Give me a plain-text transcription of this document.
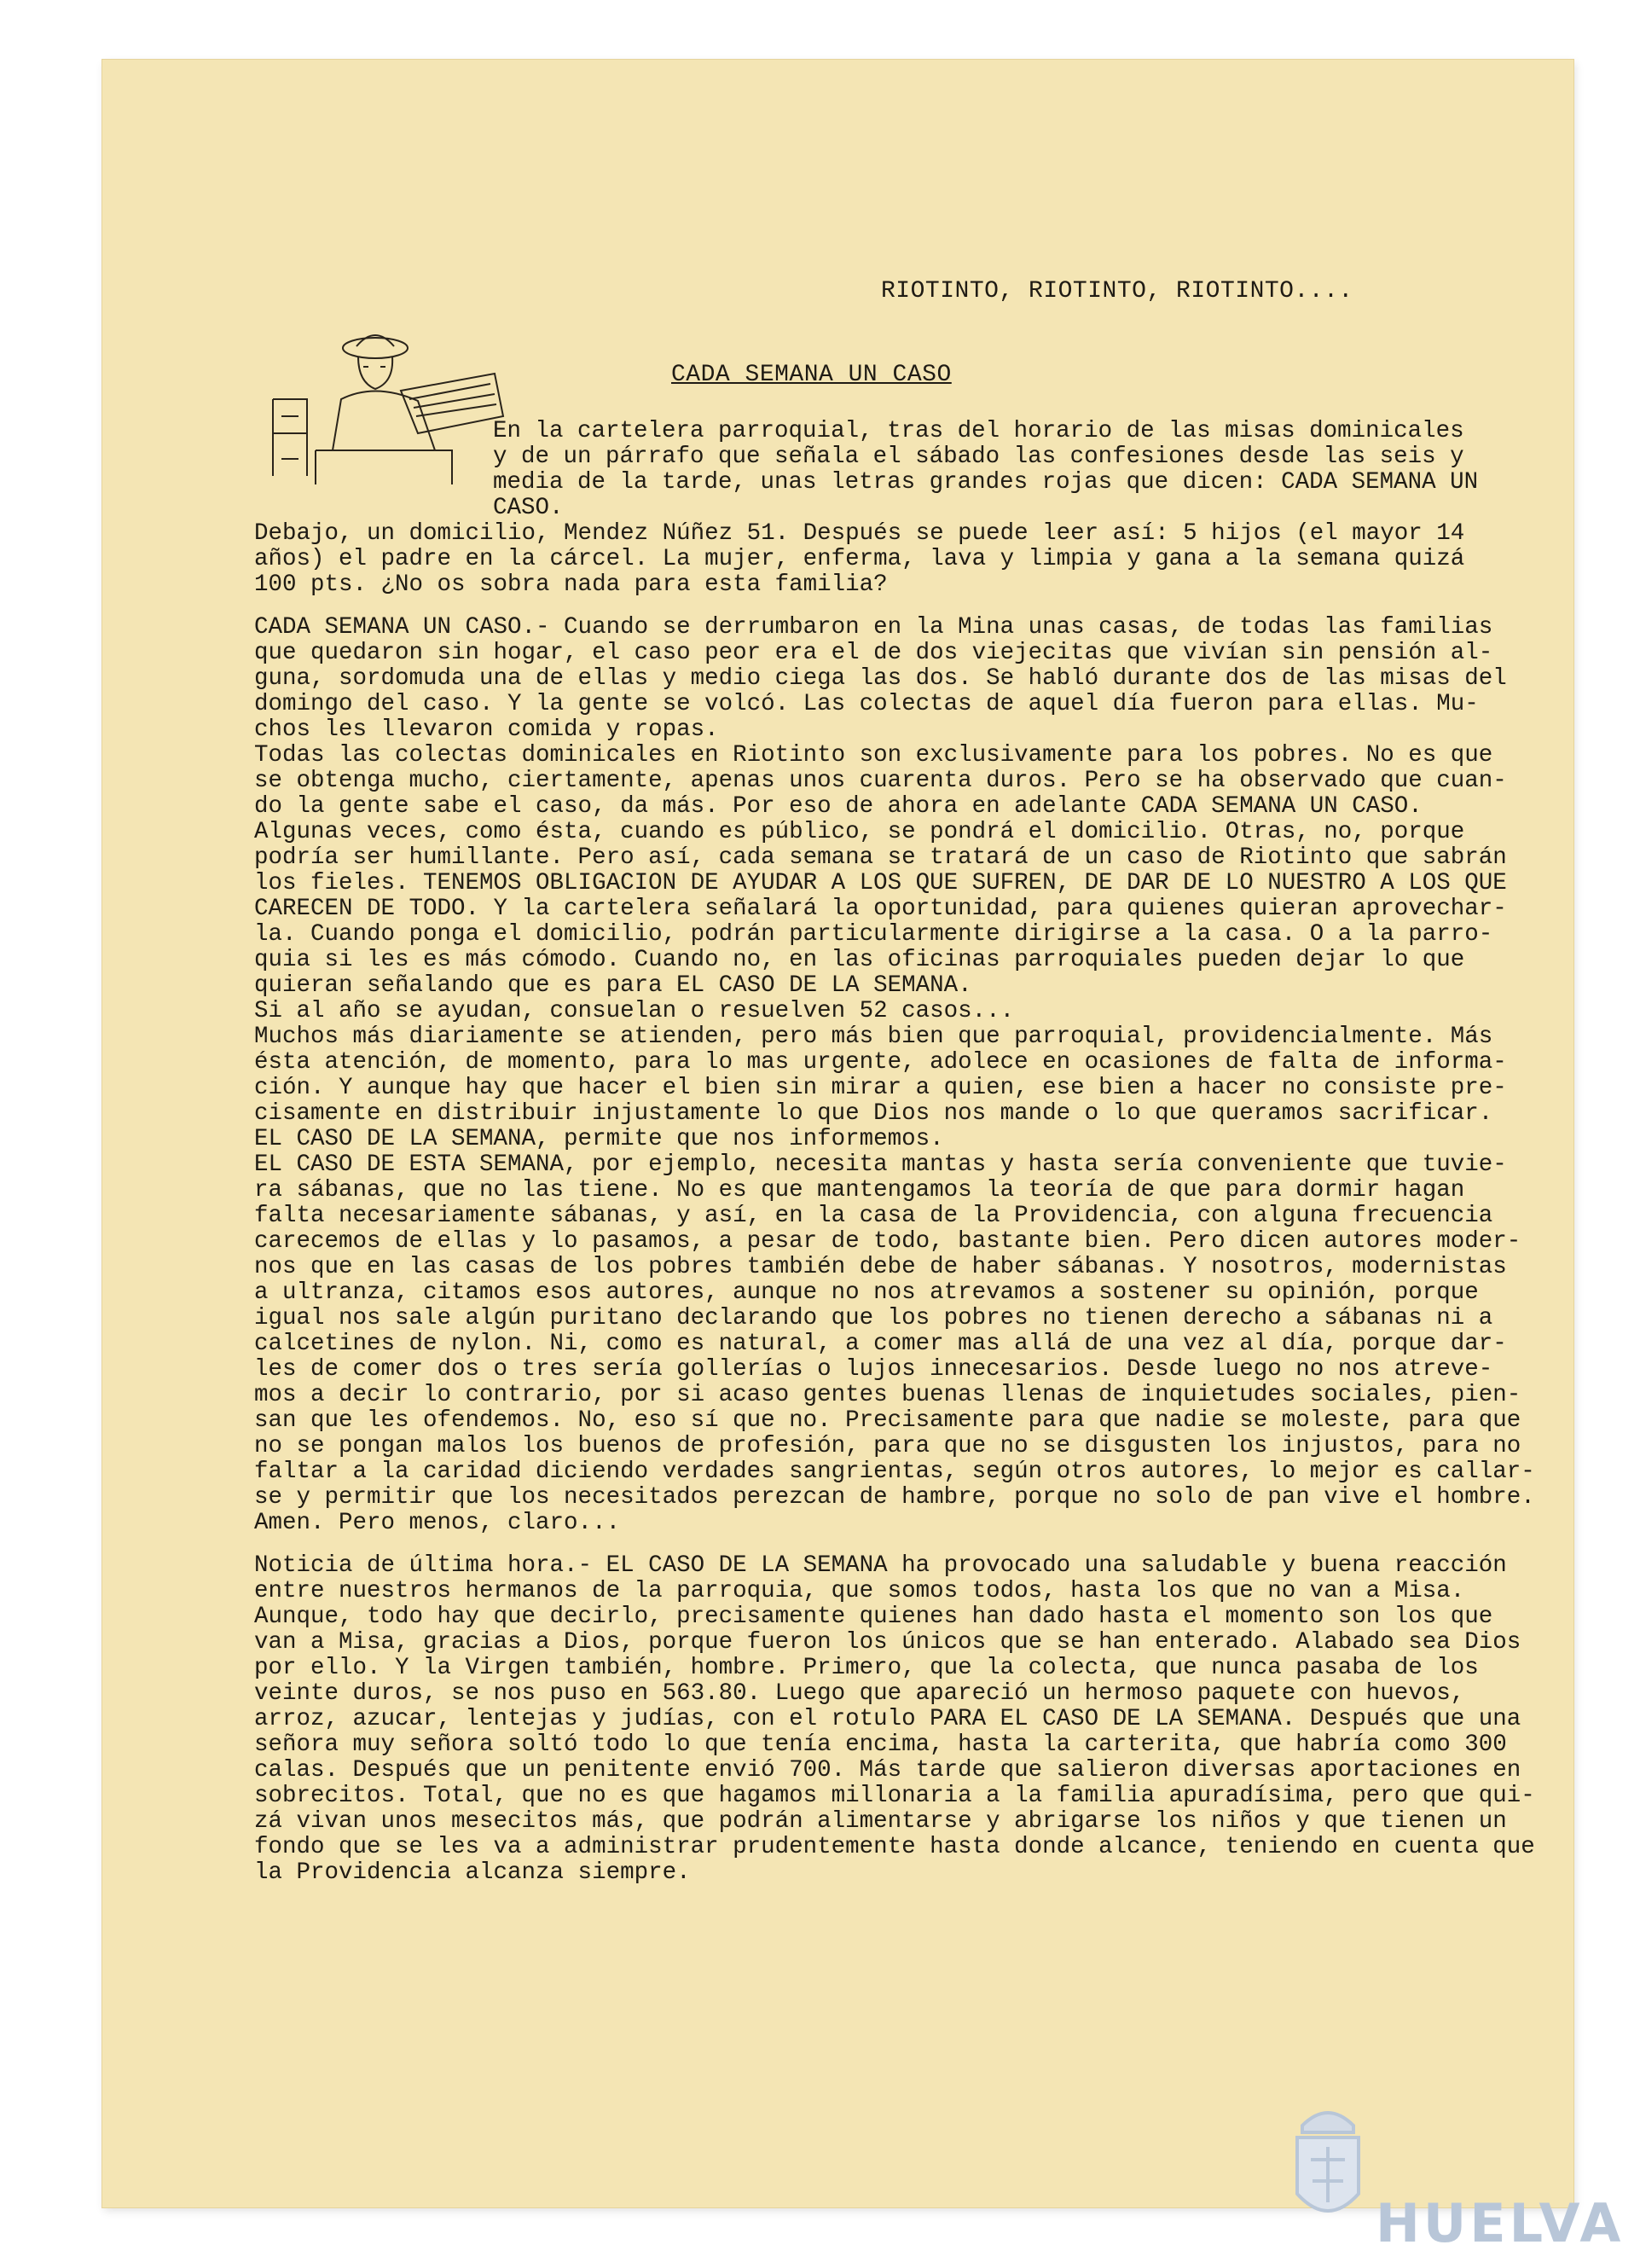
RIOTINTO, RIOTINTO, RIOTINTO....
CADA SEMANA UN CASO
En la cartelera parroquial, tras del horario de las misas dominicales
y de un párrafo que señala el sábado las confesiones desde las seis y
media de la tarde, unas letras grandes rojas que dicen: CADA SEMANA UN
CASO.
Debajo, un domicilio, Mendez Núñez 51. Después se puede leer así: 5 hijos (el mayor 14
años) el padre en la cárcel. La mujer, enferma, lava y limpia y gana a la semana quizá
100 pts. ¿No os sobra nada para esta familia?
CADA SEMANA UN CASO.- Cuando se derrumbaron en la Mina unas casas, de todas las familias
que quedaron sin hogar, el caso peor era el de dos viejecitas que vivían sin pensión al-
guna, sordomuda una de ellas y medio ciega las dos. Se habló durante dos de las misas del
domingo del caso. Y la gente se volcó. Las colectas de aquel día fueron para ellas. Mu-
chos les llevaron comida y ropas.
Todas las colectas dominicales en Riotinto son exclusivamente para los pobres. No es que
se obtenga mucho, ciertamente, apenas unos cuarenta duros. Pero se ha observado que cuan-
do la gente sabe el caso, da más. Por eso de ahora en adelante CADA SEMANA UN CASO.
Algunas veces, como ésta, cuando es público, se pondrá el domicilio. Otras, no, porque
podría ser humillante. Pero así, cada semana se tratará de un caso de Riotinto que sabrán
los fieles. TENEMOS OBLIGACION DE AYUDAR A LOS QUE SUFREN, DE DAR DE LO NUESTRO A LOS QUE
CARECEN DE TODO. Y la cartelera señalará la oportunidad, para quienes quieran aprovechar-
la. Cuando ponga el domicilio, podrán particularmente dirigirse a la casa. O a la parro-
quia si les es más cómodo. Cuando no, en las oficinas parroquiales pueden dejar lo que
quieran señalando que es para EL CASO DE LA SEMANA.
Si al año se ayudan, consuelan o resuelven 52 casos...
Muchos más diariamente se atienden, pero más bien que parroquial, providencialmente. Más
ésta atención, de momento, para lo mas urgente, adolece en ocasiones de falta de informa-
ción. Y aunque hay que hacer el bien sin mirar a quien, ese bien a hacer no consiste pre-
cisamente en distribuir injustamente lo que Dios nos mande o lo que queramos sacrificar.
EL CASO DE LA SEMANA, permite que nos informemos.
EL CASO DE ESTA SEMANA, por ejemplo, necesita mantas y hasta sería conveniente que tuvie-
ra sábanas, que no las tiene. No es que mantengamos la teoría de que para dormir hagan
falta necesariamente sábanas, y así, en la casa de la Providencia, con alguna frecuencia
carecemos de ellas y lo pasamos, a pesar de todo, bastante bien. Pero dicen autores moder-
nos que en las casas de los pobres también debe de haber sábanas. Y nosotros, modernistas
a ultranza, citamos esos autores, aunque no nos atrevamos a sostener su opinión, porque
igual nos sale algún puritano declarando que los pobres no tienen derecho a sábanas ni a
calcetines de nylon. Ni, como es natural, a comer mas allá de una vez al día, porque dar-
les de comer dos o tres sería gollerías o lujos innecesarios. Desde luego no nos atreve-
mos a decir lo contrario, por si acaso gentes buenas llenas de inquietudes sociales, pien-
san que les ofendemos. No, eso sí que no. Precisamente para que nadie se moleste, para que
no se pongan malos los buenos de profesión, para que no se disgusten los injustos, para no
faltar a la caridad diciendo verdades sangrientas, según otros autores, lo mejor es callar-
se y permitir que los necesitados perezcan de hambre, porque no solo de pan vive el hombre.
Amen. Pero menos, claro...
Noticia de última hora.- EL CASO DE LA SEMANA ha provocado una saludable y buena reacción
entre nuestros hermanos de la parroquia, que somos todos, hasta los que no van a Misa.
Aunque, todo hay que decirlo, precisamente quienes han dado hasta el momento son los que
van a Misa, gracias a Dios, porque fueron los únicos que se han enterado. Alabado sea Dios
por ello. Y la Virgen también, hombre. Primero, que la colecta, que nunca pasaba de los
veinte duros, se nos puso en 563.80. Luego que apareció un hermoso paquete con huevos,
arroz, azucar, lentejas y judías, con el rotulo PARA EL CASO DE LA SEMANA. Después que una
señora muy señora soltó todo lo que tenía encima, hasta la carterita, que habría como 300
calas. Después que un penitente envió 700. Más tarde que salieron diversas aportaciones en
sobrecitos. Total, que no es que hagamos millonaria a la familia apuradísima, pero que qui-
zá vivan unos mesecitos más, que podrán alimentarse y abrigarse los niños y que tienen un
fondo que se les va a administrar prudentemente hasta donde alcance, teniendo en cuenta que
la Providencia alcanza siempre.
HUELVA
